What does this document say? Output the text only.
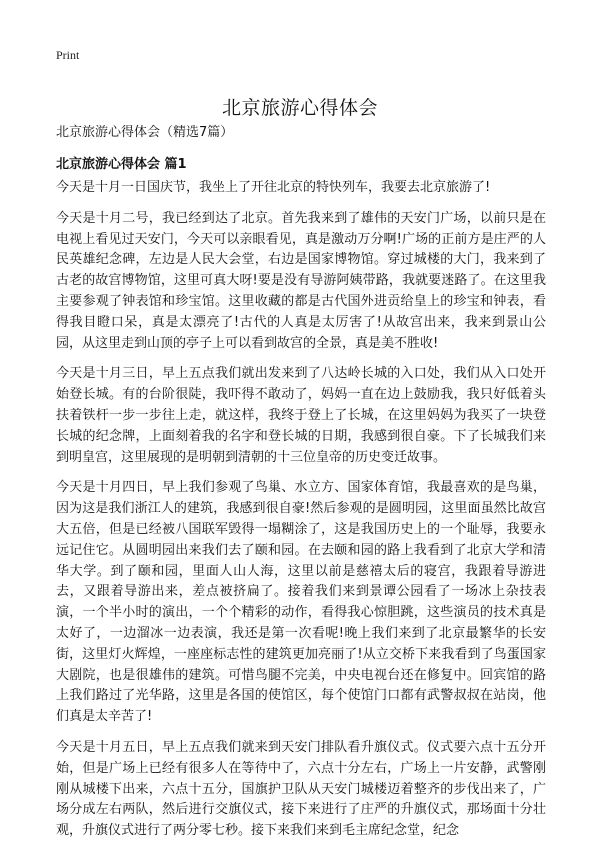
Print
北京旅游心得体会
北京旅游心得体会（精选7篇）
北京旅游心得体会 篇1

今天是十月一日国庆节，我坐上了开往北京的特快列车，我要去北京旅游了!

今天是十月二号，我已经到达了北京。首先我来到了雄伟的天安门广场，以前只是在电视上看见过天安门，今天可以亲眼看见，真是激动万分啊!广场的正前方是庄严的人民英雄纪念碑，左边是人民大会堂，右边是国家博物馆。穿过城楼的大门，我来到了古老的故宫博物馆，这里可真大呀!要是没有导游阿姨带路，我就要迷路了。在这里我主要参观了钟表馆和珍宝馆。这里收藏的都是古代国外进贡给皇上的珍宝和钟表，看得我目瞪口呆，真是太漂亮了!古代的人真是太厉害了!从故宫出来，我来到景山公园，从这里走到山顶的亭子上可以看到故宫的全景，真是美不胜收!

今天是十月三日，早上五点我们就出发来到了八达岭长城的入口处，我们从入口处开始登长城。有的台阶很陡，我吓得不敢动了，妈妈一直在边上鼓励我，我只好低着头扶着铁杆一步一步往上走，就这样，我终于登上了长城，在这里妈妈为我买了一块登长城的纪念牌，上面刻着我的名字和登长城的日期，我感到很自豪。下了长城我们来到明皇宫，这里展现的是明朝到清朝的十三位皇帝的历史变迁故事。

今天是十月四日，早上我们参观了鸟巢、水立方、国家体育馆，我最喜欢的是鸟巢，因为这是我们浙江人的建筑，我感到很自豪!然后参观的是圆明园，这里面虽然比故宫大五倍，但是已经被八国联军毁得一塌糊涂了，这是我国历史上的一个耻辱，我要永远记住它。从圆明园出来我们去了颐和园。在去颐和园的路上我看到了北京大学和清华大学。到了颐和园，里面人山人海，这里以前是慈禧太后的寝宫，我跟着导游进去，又跟着导游出来，差点被挤扁了。接着我们来到景谭公园看了一场冰上杂技表演，一个半小时的演出，一个个精彩的动作，看得我心惊胆跳，这些演员的技术真是太好了，一边溜冰一边表演，我还是第一次看呢!晚上我们来到了北京最繁华的长安街，这里灯火辉煌，一座座标志性的建筑更加亮丽了!从立交桥下来我看到了鸟蛋国家大剧院，也是很雄伟的建筑。可惜鸟腿不完美，中央电视台还在修复中。回宾馆的路上我们路过了光华路，这里是各国的使馆区，每个使馆门口都有武警叔叔在站岗，他们真是太辛苦了!

今天是十月五日，早上五点我们就来到天安门排队看升旗仪式。仪式要六点十五分开始，但是广场上已经有很多人在等待中了，六点十分左右，广场上一片安静，武警刚刚从城楼下出来，六点十五分，国旗护卫队从天安门城楼迈着整齐的步伐出来了，广场分成左右两队，然后进行交旗仪式，接下来进行了庄严的升旗仪式，那场面十分壮观，升旗仪式进行了两分零七秒。接下来我们来到毛主席纪念堂，纪念
